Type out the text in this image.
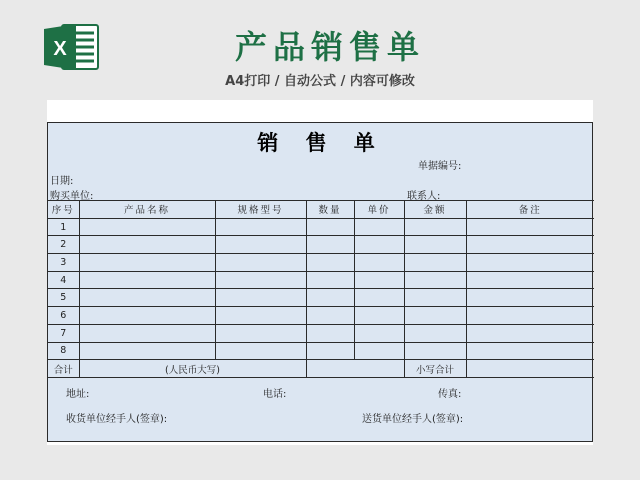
X	产品销售单
A4打印 / 自动公式 / 内容可修改
销 售 单
单据编号:
日期:
购买单位:	联系人:
序号	产品名称	规格型号	数量	单价	金额	备注
1						
2						
3						
4						
5						
6						
7						
8						
合计	(人民币大写)				小写合计	
地址:	电话:	传真:
收货单位经手人(签章):	送货单位经手人(签章):
